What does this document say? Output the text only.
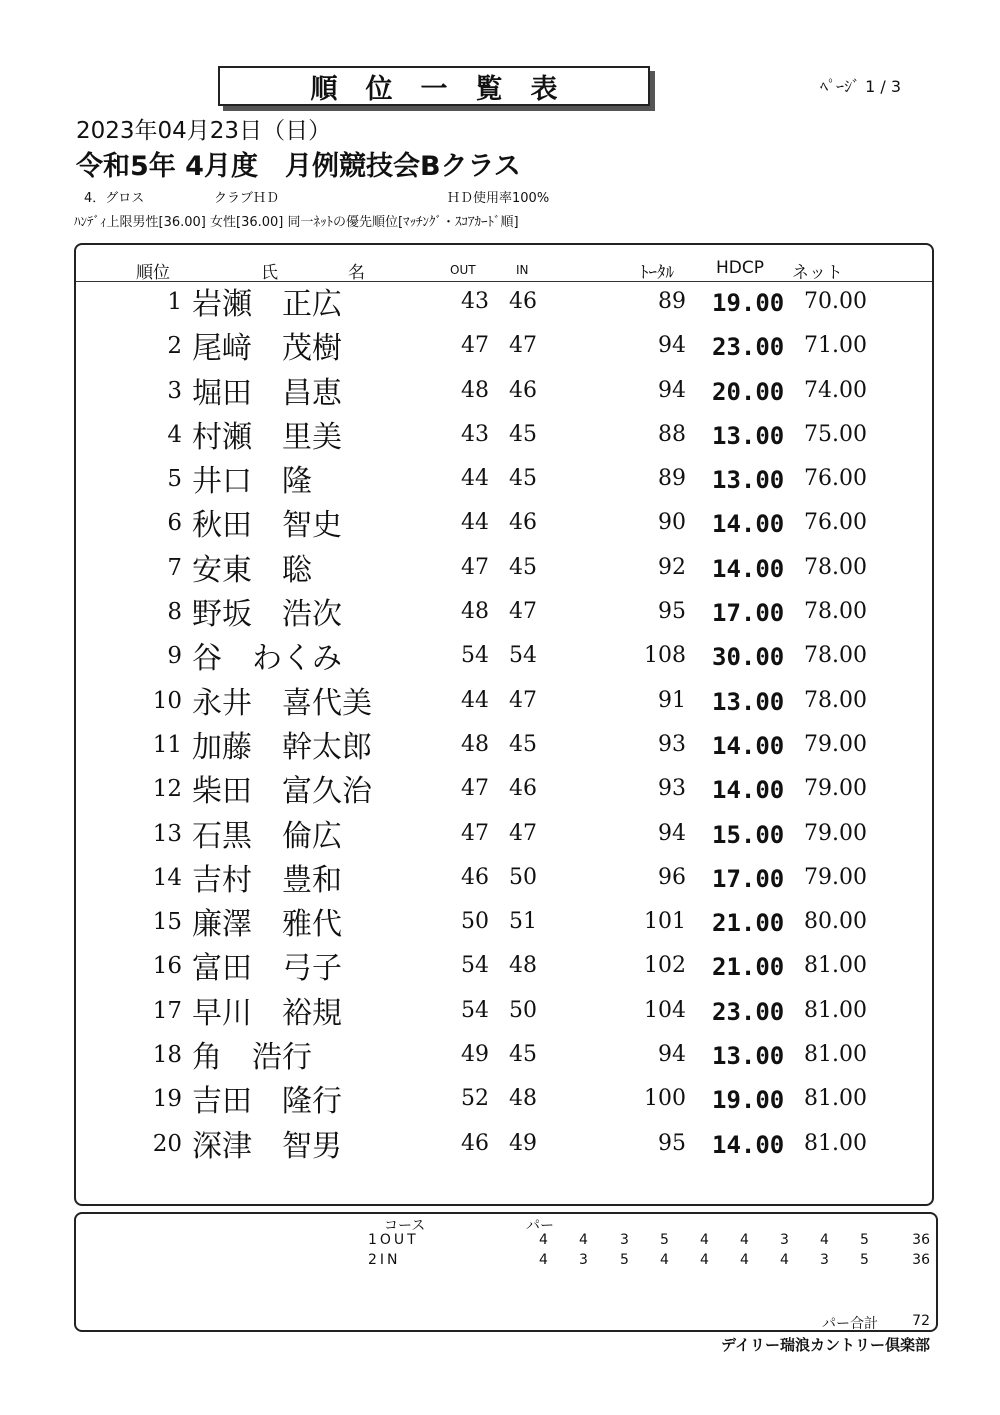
順位一覧表	ﾍﾟｰｼﾞ 1 / 3
2023年04月23日（日）
令和5年 4月度　月例競技会Bクラス
4．グロス	クラブＨＤ	ＨＤ使用率100%
ﾊﾝﾃﾞｨ上限男性[36.00] 女性[36.00] 同一ﾈｯﾄの優先順位[ﾏｯﾁﾝｸﾞ・ｽｺｱｶｰﾄﾞ順]
順位	氏	名	OUT	IN	ﾄｰﾀﾙ HDCP ネット
1 岩瀬　正広	43 46	89 19.00 70.00
2 尾﨑　茂樹	47 47	94 23.00 71.00
3 堀田　昌恵	48 46	94 20.00 74.00
4 村瀬　里美	43 45	88 13.00 75.00
5 井口　隆	44 45	89 13.00 76.00
6 秋田　智史	44 46	90 14.00 76.00
7 安東　聡	47 45	92 14.00 78.00
8 野坂　浩次	48 47	95 17.00 78.00
9 谷　わくみ	54 54	108 30.00 78.00
10 永井　喜代美	44 47	91 13.00 78.00
11 加藤　幹太郎	48 45	93 14.00 79.00
12 柴田　富久治	47 46	93 14.00 79.00
13 石黒　倫広	47 47	94 15.00 79.00
14 吉村　豊和	46 50	96 17.00 79.00
15 廉澤　雅代	50 51	101 21.00 80.00
16 富田　弓子	54 48	102 21.00 81.00
17 早川　裕規	54 50	104 23.00 81.00
18 角　浩行	49 45	94 13.00 81.00
19 吉田　隆行	52 48	100 19.00 81.00
20 深津　智男	46 49	95 14.00 81.00
コース	パー
1OUT	4 4 3 5 4 4 3 4 5	36
2IN	4 3 5 4 4 4 4 3 5	36
パー合計 72
デイリー瑞浪カントリー倶楽部
